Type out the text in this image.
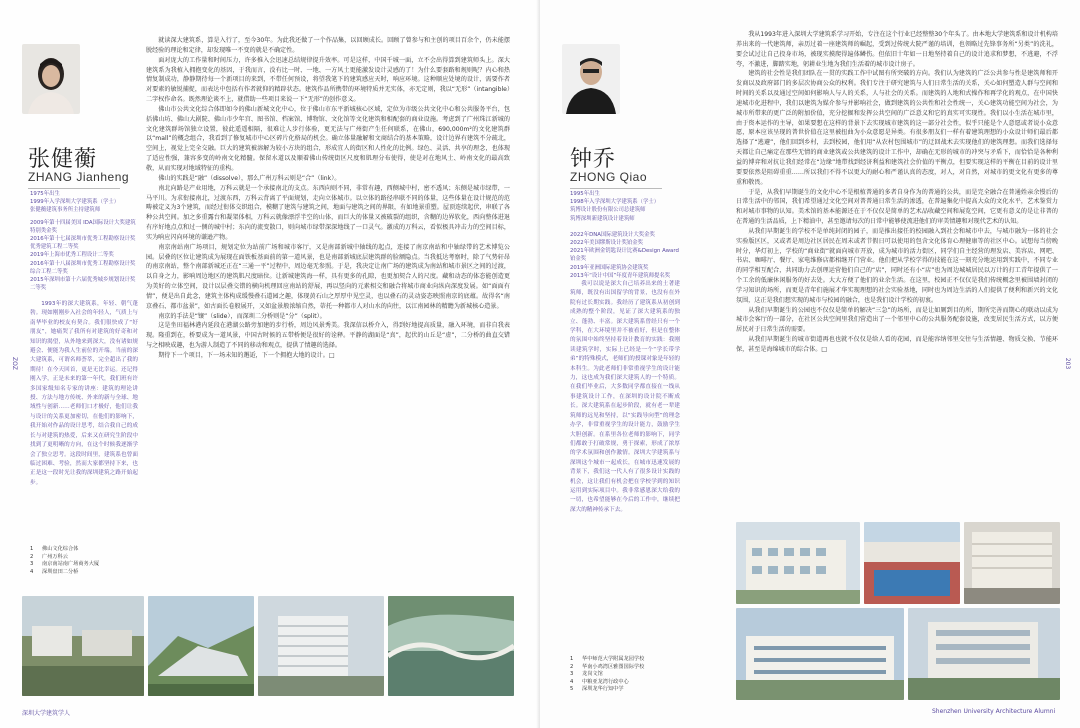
张健蘅
ZHANG Jianheng

1975年出生

1999年入学深圳大学建筑系（学士）

张健蘅建筑事务所主持建筑师

2009年第十四届美国 IDA国际设计大奖建筑特别类金奖

2016年第十七届深圳市优秀工程勘察设计奖优秀建筑工程二等奖

2019年上海市优秀工程设计二等奖

2016年第十八届深圳市优秀工程勘察设计奖综合工程二等奖

2015年深圳市第十六届优秀城乡规划设计奖二等奖

1993年的深大建筑系，年轻、朝气蓬勃。现如刚刚步入社会的年轻人，气质上与南华毕业的校友有契合。我们很快成了“好朋友”，她痛哭了我所有对建筑的好奇和对知识的渴望，从外地来到深大，没有诸如规避会、便能为我人生前位的开端。当前的深大建筑系，可谓名师荟萃，完全超出了我的期待！在今天回首，更是无比幸运。还记得刚入学，正是未来的第一年代，我们班有许多国家级知名专家的讲座：建筑的理论讲授、方法与地方传统、外来的新与全球、地域性与创新……老师们口才极好，他们让我与设计的关系更加密切，在他们的影响下，我开始对作品的设计思考，结合我自己的成长与对建筑的热爱，后来又在研究生阶段中找到了更明晰的方向，在这个时候我逐渐学会了独立思考。这段时间里，建筑系也曾面临过困难、考验，然而大家都坚持下来，也正是这一段时光让我的深圳建筑之路开始起步。

1	佛山文化综合体
2	广州万科云
3	南京南站南广场商务大厦
4	深圳盘田二分桥

就读深大建筑系，算是入行了，至今30年。为此我还做了一个作品集，以回顾成长。回顾了曾参与和主创的项目百余个，仍未能摆脱经验的理论和定律，却发现唯一不变的就是不确定性。

面对庞大的工作量和时间压力，许多推入会迅速总结规律提升效率。可是这样，中国千城一面，立不会出得算到建筑师头上。深大建筑系为我植入拥抱变化的基因，于我而言，没有比一时、一地、一方风土更能激发设计灵感的了！为什么要套路和规则呢？内心和热情复制成功，静静期待每一个新项目的来到，不带任何预设，将望我笔下的建筑感应天时，响应环境。这种顺应处境的设计，需要作者对要素的敏锐捕捉，而表达中包括有作者就仰的精辟状态。建筑作品所携带的环境特质并无实体，亦无定则，我以“无形”（intangible）二字权作命名。既然理论谈不上，就借助一些项目来说一下“无形”的创作意义。

佛山市公共文化综合体即如今的佛山新城文化中心，位于佛山市东平新城核心区域，定位为市级公共文化中心和公共服务平台，包括佛山坊、佛山大剧院、佛山市少年宫、图书馆、档案馆、博物馆、文化馆等文化建筑和相配套的商业设施。考虑到了广州珠江新城的文化建筑群场馆独立设置，彼此遥遥相隔，很难让人步行体验，更无法与广州街产生任何联系，在佛山，690,000m²的文化建筑群以“mall”的概念组合，我看到了修复城市中心区碎片化格局的机会。确立体量融解和文商结合的基本策略，设计边界有建筑不分疏北，空间上，视觉上完全交融。巨大的建筑被溶解为较小方块的组合，形成宜人的街区和人性化的比例。绿色、灵活、共享的理念，也体现了适应性强，兼容多变的岭南文化精髓。保留水道以及顺着佛山传统街区尺度和肌理分布使得，使是对在地风土、岭南文化的最高致敬，从而实现对地域特征的重构。

佛山的实践是“融”（dissolve），那么广州万科云则是“合”（link）。

南北向路是产业用地，万科云就是一个承接南北的支点。东西向则不同，非常有趣，西侧城中村，密不透风；东侧是城市绿带，一马平川。为求衔接南北，过渡东西，万科云背离了平面规划，走向立体城市。以立体的路径串联不同的体量，这些体量在设计规范的范畴被定义为3个建筑，而经过衔体交织组合，模糊了建筑与建筑之间，地面与建筑之间的界限，有如地景重塑。屋顶连续起伏，串联了各种公共空间。加之多重露台和凝架体相，万科云就像漂浮半空的山体，而巨大的体量又被破裂的组织，含糊的边界软化，西向整体进退有序好地点点和过一侧的城中村；东向的流变散口，则向城市绿带深深地线了一口灵气。激成的万科云，看似极具冲击力的空间目标，实为响应闪向环境的谦逊产物。

南京南站南广场项目，规划定位为站前广场和城市客厅，又是南部新城中轴线的起点，连接了南京南站和中轴绿带的艺术博览公园。层叠的区位让建筑成为展现在面铁板基面前的第一道风景，也是南部新城底层建筑群的脸额隐点。当我抵达考察时，除了气势轩昂的南京南站，整个南部新城还正在“三通一平”过程中，周边毫无参照。于是，我决定让南广场的建筑成为南站和城市景区之间的过渡，以自身之力，影响周边地区的建筑肌尺度暗位。让新城建筑海一样，具有更多的孔隙，也更加契合人的尺度。藏和动态的体态能创造更为美好的立体空间，设计以层叠交错的横向机理回应南站的舒展，再以竖向的元素相交和融合将城市商业向纵向深度发展。如“面面有情”，便是出自此念，建筑主体构成缓慢叠石道园之趣，体现黄石山之厚厚中见空灵，也以叠石的灵动姿态映照南京的底蕴。故得名“南京叠石、都市盆景”，如古面长卷般展开，又如盆景般浓缩自然，蒂托一种都市人对山水的向往，以江南园林的精瞻为新城核心造景。

南京的手法是“镶”（slide），而深圳二分桥则是“分”（split）。

这是坐田福林港内延段在港湖公路旁加建的步行桥，周边风景秀美。我深信以桥介入，得到好地提高质量，融入环境，而非自我表现。隆重到在，桥要成为一道风景，中国古时候的五带桥便是很好的诠释。平静的湖面是“真”，起伏的山丘是“虚”，二分桥的曲直交错与之相映成趣，也为游人制造了不同的移动和观点，提供了情趣的选择。

期待下一个项目，下一场未知的邂逅，下一个拥抱大地的设计。□

ZOZ
深圳大学建筑学人
钟乔
ZHONG Qiao

1995年出生

1998年入学深圳大学建筑系（学士）

筑博设计股份有限公司总建筑师

筑博深圳新建筑设计建筑师

2022年DNA国际建筑设计大奖金奖

2022年美国缪斯设计奖铂金奖

2021年欧洲金钥匙设计比赛&Design Award 铂金奖

2019年亚洲国际建筑协会建筑奖

2013年“设计中国”年度青年建筑师提名奖

我可以说是深大自己培养出来的土著建筑师，既没有出国留学的背景，也没有在外院有过长期实践。我经历了建筑系从初创到成熟的整个阶段，见证了深大建筑系的独立、蓬勃、丰富。深大建筑系曾经只有一个学科，在大环境里并不被看好，但是在整体的氛围中始终坚持着设计教育的实践：我刚读建筑学时，实际上已经是一个“学长带学弟”的特殊模式，老师们的授课对象是年轻的本科生。为此老师们非常重视学生的设计能力，这也成为我们深大建筑人的一个特质。在我们毕业后，大多数同学都直接在一线从事建筑设计工作，在深圳的设计院不断成长。深大建筑系在起步阶段，就有老一辈建筑师的远见和坚持，以“实践导向型”的理念办学，非常重视学生的设计能力，鼓励学生大胆创新。在系里各位老师的影响下，同学们都敢于打破常规，勇于探索，形成了浓厚的学术氛围和创作激情。深圳大学建筑系与深圳这个城市一起成长，在城市迅速发展的背景下，我们这一代人有了很多设计实践的机会，这让我们有机会把在学校学到的知识运用到实际项目中。我非常感恩深大给我的一切，也希望能够在今后的工作中，继续把深大的精神传承下去。

1	华中师范大学附属龙园学校
2	华南小鸡湾区雅图国际学校
3	龙岗文馆
4	中粮亚龙湾行政中心
5	深圳龙华行知中学

我从1993年进入深圳大学建筑系学习开始，专注在这个行业已经整整30个年头了。由本地大学建筑系和设计机构培养出来的一代建筑师，亲历过着一座建筑师的崛起，受到过传统大院严谨的培训，也领略过先锋事务所“另类”的洗礼，要会试过让自己投身市场，被现实摸爬得遍体鳞伤。但依旧十年如一日地坚持着自己的设计追求和梦想，不逃避，不浮夸，不激进，脚踏实地，躬耕业生地为我们生活着的城市设计房子。

建筑的社会性是我们团队在一贯的实践工作中试图有所突破的方向。我们认为建筑的广泛公共参与性是建筑师和开发商以及政府部门的多层次协商公众的权利。我们专注于研究建筑与人们日常生活的关系，关心如何塑造人群与空间和时间的关系以及通过空间如何影响人与人的关系，人与社会的关系。而建筑的人地和式操作和再学化的观点，在中国快速城市化进程中，我们以建筑为媒介参与并影响社会，做到建筑的公共性和社会性统一，关心建筑功能空间为社会，为城市所带来的更广泛的附加价值，充分挖掘和发挥公共空间的广泛意义和它的真实可实现性。我们以小生活在城市里，由于资本运作的主导，如果要想在这样的背景下去实现城市建筑的这一部分社会性，似乎只能是个人意愿或者说小众意愿，原本应该呈现的普世价值在这里被扭曲为小众意愿是异类。有很多朋友们一样有着建筑理想的小众设计师们最后都选择了“逃避”，他们回到乡村，去到校园，他们用“从农村包围城市”的迂回战术去实现他们的建筑理想。而我们选择每天都让自己痛定在那些无情的商业建筑或公共建筑的设计工作中，却确在无形的城市的冲突与矛盾下，而恰恰是各种利益的博弈和对抗让我们经常在“边缘”地带找到经济利益和建筑社会价值的平衡点，但要实现这样的平衡在目前的设计里要要依然是阻碍重重……所以我们不得不以更大的耐心和严谨认真的态度，对人，对自然，对城市的更文化有更多的尊重和敬畏。

于是，从我们早期诞生的文化中心不是根植普通的多者自身作为的普通的公共，而是完全融合在普通姓亲余慢后的日常生活中的邻国，我们希望通过文化空间对普普通日常生活的渗透，在普遍集化中提高大众的文化水平，艺术鉴赏力和对城市事物的认知。美术馆的基本能源还在于不仅仅是简单的艺术品收藏空间和展览空间，它更有意义的是让非普的在普通的生活品质，上下精油中，甚至邀请每次的日常中能够使流进他们的审美情趣和对现代艺术的认知。

从我们早期诞生的学校不是单纯封闭的园子，而是推出接任的校园融入到社会和城市中去，与城市融为一体的社会实验版区区，又或者是周边社区居民在周末或者节假日可以使用的包含文化体育心理健康等的社区中心。试想每当傍晚时分，华灯初上，学校的“商业街”就面向城市开放，成为城市的活力街区，同学们自主经营的理发店、美容店、网吧、书店、咖啡厅、餐厅、家电维修店都相继开门营业。他们把从学校学得的技能在这一刻充分地运用到实践中，不同专业的同学相互配合，共同助力去创理运营他们自己的“店”，同时还有小“店”也为周边城城居民以万计的打工青年提供了一个工余的低廉休闲服务的好去处。大大方便了他们的业余生活。在这里，校园正不仅仅是我们传统概念里被围墙封闭的学习知识的场所，而更是青年们施展才华实现理想的社会实验基地，同时也为周边生活的人们提供了便利和新兴的文化氛围，这正是我们想实现的城市与校园的融合，也是我们设计学校的初衷。

从我们早期诞生的公园也不仅仅是简单的解决“三急”的场所，而是让如厕到目的所，期所完善而期心的联动以成为城市会客厅的一部分，在社区公共空间里我们营造出了一个邻里中心的公共服务配套设施，改变居民生活方式，以方便居民对于日常生活的需要。

从我们早期诞生的城市街道再也也就不仅仅是给人看的花园，而是能容纳邻里交往与生活情趣、物质交换、节能环保，甚至是海绵城市的综合体。□

203
Shenzhen University Architecture Alumni
